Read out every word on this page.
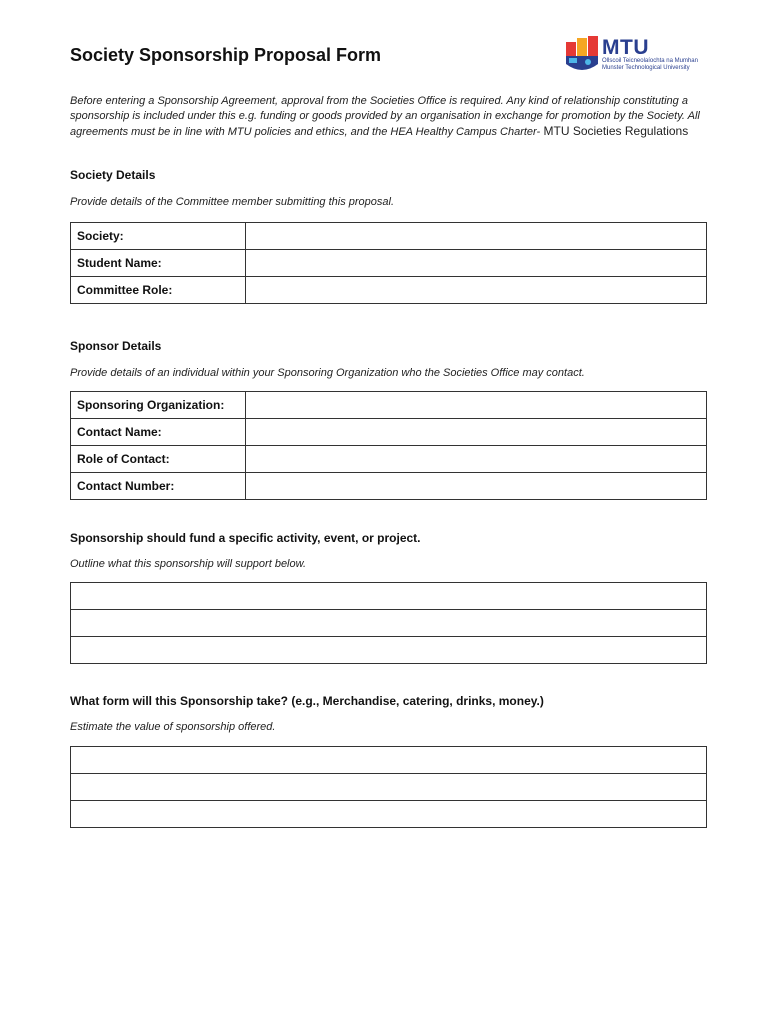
Society Sponsorship Proposal Form	MTU
Ollscoil Teicneolaíochta na Mumhan
Munster Technological University
Before entering a Sponsorship Agreement, approval from the Societies Office is required. Any kind of relationship constituting a sponsorship is included under this e.g. funding or goods provided by an organisation in exchange for promotion by the Society. All agreements must be in line with MTU policies and ethics, and the HEA Healthy Campus Charter- MTU Societies Regulations
Society Details
Provide details of the Committee member submitting this proposal.
Society:	
Student Name:	
Committee Role:	
Sponsor Details
Provide details of an individual within your Sponsoring Organization who the Societies Office may contact.
Sponsoring Organization:	
Contact Name:	
Role of Contact:	
Contact Number:	
Sponsorship should fund a specific activity, event, or project.
Outline what this sponsorship will support below.

What form will this Sponsorship take? (e.g., Merchandise, catering, drinks, money.)
Estimate the value of sponsorship offered.
